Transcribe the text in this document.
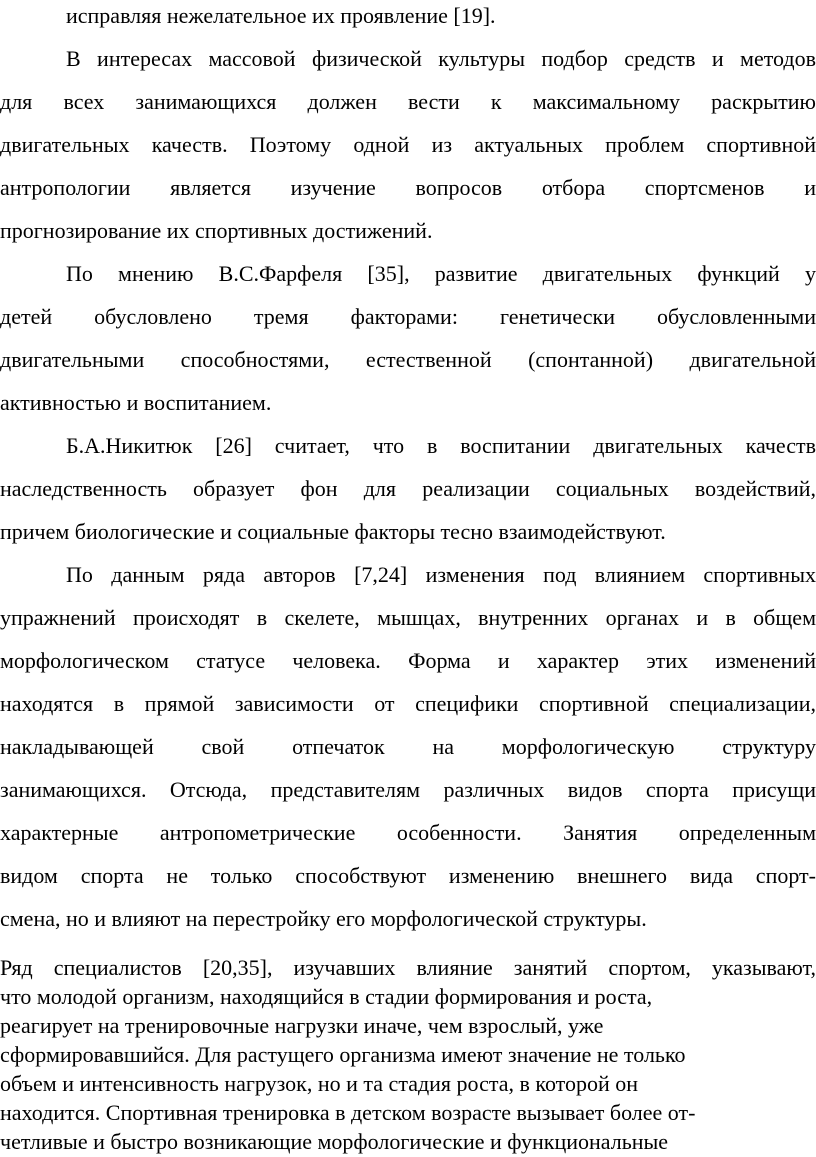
исправляя нежелательное их проявление [19].
В интересах массовой физической культуры подбор средств и методов
для всех занимающихся должен вести к максимальному раскрытию
двигательных качеств. Поэтому одной из актуальных проблем спортивной
антропологии является изучение вопросов отбора спортсменов и
прогнозирование их спортивных достижений.
По мнению В.С.Фарфеля [35], развитие двигательных функций у
детей обусловлено тремя факторами: генетически обусловленными
двигательными способностями, естественной (спонтанной) двигательной
активностью и воспитанием.
Б.А.Никитюк [26] считает, что в воспитании двигательных качеств
наследственность образует фон для реализации социальных воздействий,
причем биологические и социальные факторы тесно взаимодействуют.
По данным ряда авторов [7,24] изменения под влиянием спортивных
упражнений происходят в скелете, мышцах, внутренних органах и в общем
морфологическом статусе человека. Форма и характер этих изменений
находятся в прямой зависимости от специфики спортивной специализации,
накладывающей свой отпечаток на морфологическую структуру
занимающихся. Отсюда, представителям различных видов спорта присущи
характерные антропометрические особенности. Занятия определенным
видом спорта не только способствуют изменению внешнего вида спорт-
смена, но и влияют на перестройку его морфологической структуры.
Ряд специалистов [20,35], изучавших влияние занятий спортом, указывают,
что молодой организм, находящийся в стадии формирования и роста,
реагирует на тренировочные нагрузки иначе, чем взрослый, уже
сформировавшийся. Для растущего организма имеют значение не только
объем и интенсивность нагрузок, но и та стадия роста, в которой он
находится. Спортивная тренировка в детском возрасте вызывает более от-
четливые и быстро возникающие морфологические и функциональные
